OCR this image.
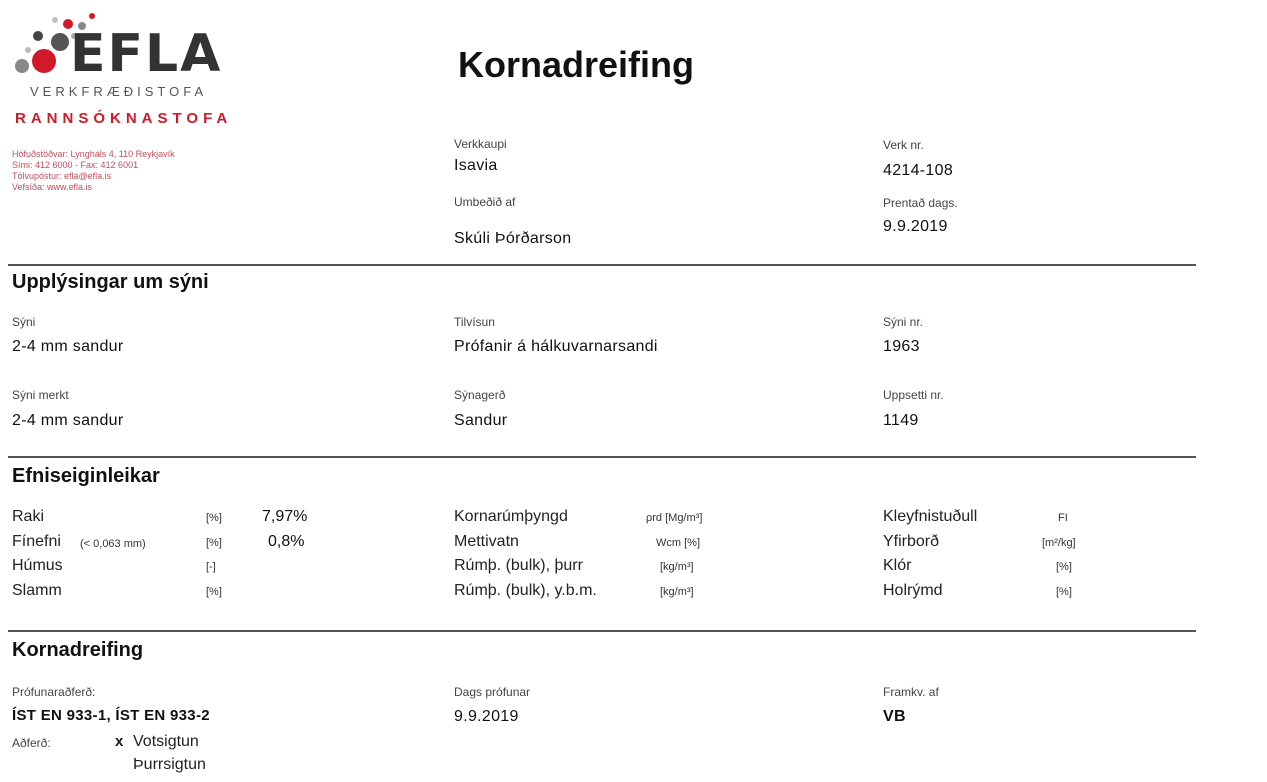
EFLA
VERKFRÆÐISTOFA
RANNSÓKNASTOFA
Höfuðstöðvar: Lyngháls 4, 110 Reykjavík
Sími: 412 6000 - Fax: 412 6001
Tölvupóstur: efla@efla.is
Vefsíða: www.efla.is
Kornadreifing
Verkkaupi
Isavia
Umbeðið af
Skúli Þórðarson
Verk nr.
4214-108
Prentað dags.
9.9.2019
Upplýsingar um sýni
Sýni
2-4 mm sandur
Tilvísun
Prófanir á hálkuvarnarsandi
Sýni nr.
1963
Sýni merkt
2-4 mm sandur
Sýnagerð
Sandur
Uppsetti nr.
1149
Efniseiginleikar
Raki	[%]	7,97%
Fínefni (< 0,063 mm)	[%]	0,8%
Húmus	[-]
Slamm	[%]
Kornarúmþyngd	ρrd [Mg/m³]
Mettivatn	Wcm [%]
Rúmþ. (bulk), þurr	[kg/m³]
Rúmþ. (bulk), y.b.m.	[kg/m³]
Kleyfnistuðull	FI
Yfirborð	[m²/kg]
Klór	[%]
Holrýmd	[%]
Kornadreifing
Prófunaraðferð:
ÍST EN 933-1, ÍST EN 933-2
Aðferð:	x Votsigtun
Þurrsigtun
Dags prófunar
9.9.2019
Framkv. af
VB
